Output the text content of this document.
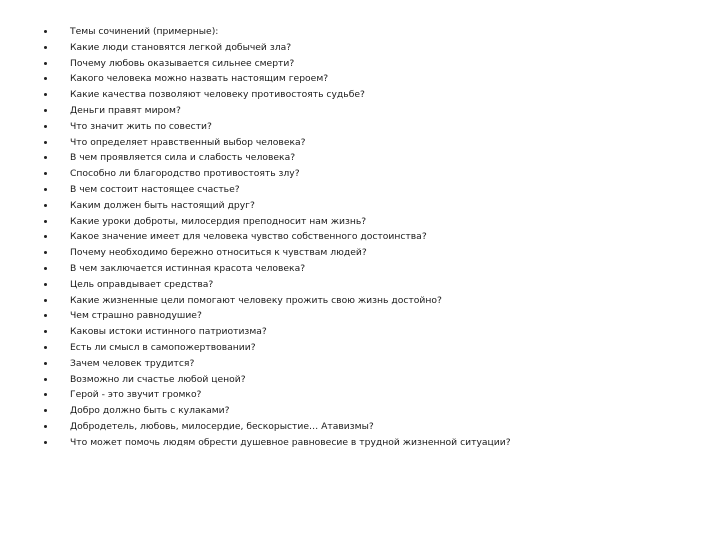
Темы сочинений (примерные):
Какие люди становятся легкой добычей зла?
Почему любовь оказывается сильнее смерти?
Какого человека можно назвать настоящим героем?
Какие качества позволяют человеку противостоять судьбе?
Деньги правят миром?
Что значит жить по совести?
Что определяет нравственный выбор человека?
В чем проявляется сила и слабость человека?
Способно ли благородство противостоять злу?
В чем состоит настоящее счастье?
Каким должен быть настоящий друг?
Какие уроки доброты, милосердия преподносит нам жизнь?
Какое значение имеет для человека чувство собственного достоинства?
Почему необходимо бережно относиться к чувствам людей?
В чем заключается истинная красота человека?
Цель оправдывает средства?
Какие жизненные цели помогают человеку прожить свою жизнь достойно?
Чем страшно равнодушие?
Каковы истоки истинного патриотизма?
Есть ли смысл в самопожертвовании?
Зачем человек трудится?
Возможно ли счастье любой ценой?
Герой - это звучит громко?
Добро должно быть с кулаками?
Добродетель, любовь, милосердие, бескорыстие… Атавизмы?
Что может помочь людям обрести душевное равновесие в трудной жизненной ситуации?
